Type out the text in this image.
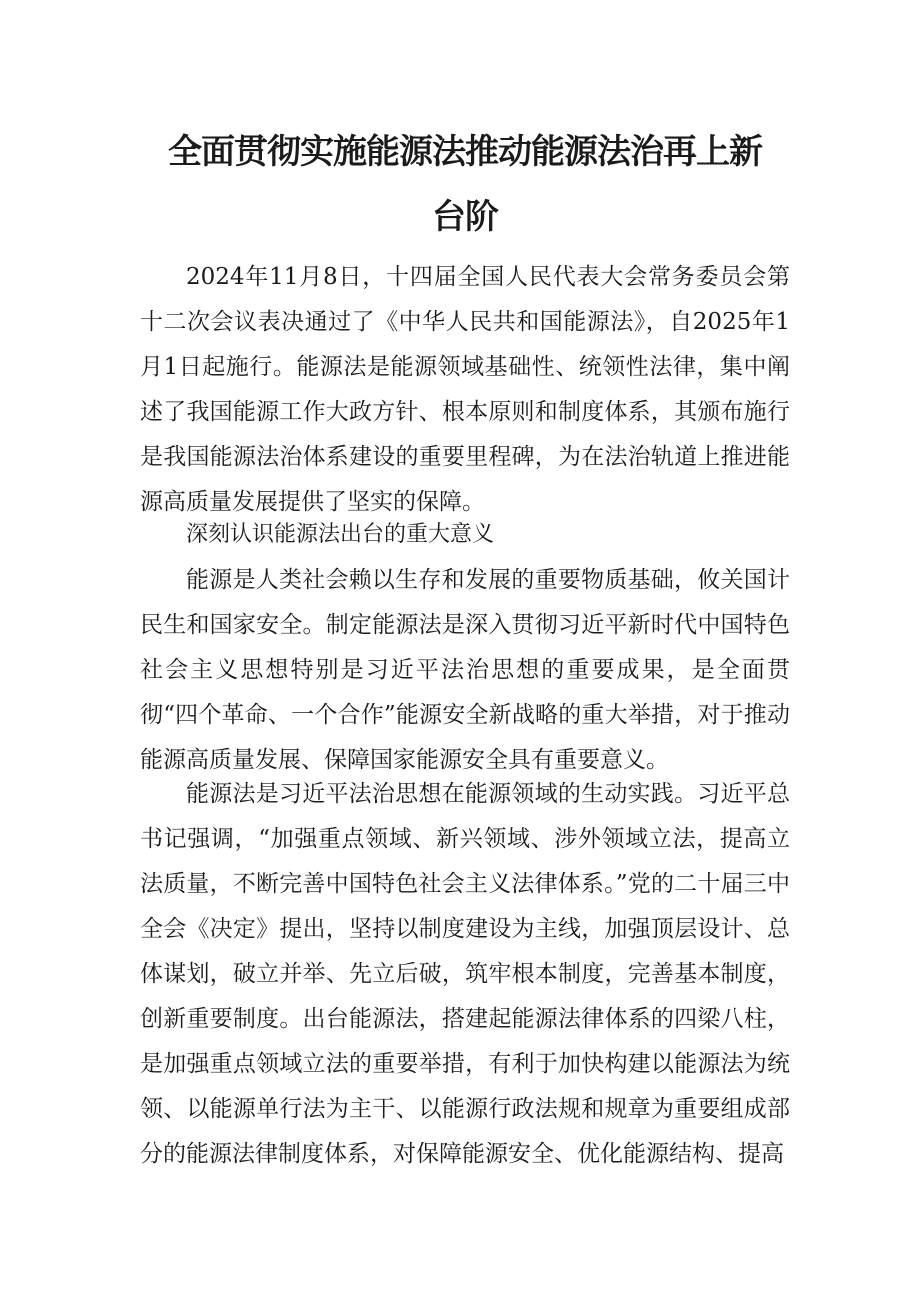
全面贯彻实施能源法推动能源法治再上新
台阶

2024年11月8日，十四届全国人民代表大会常务委员会第十二次会议表决通过了《中华人民共和国能源法》，自2025年1月1日起施行。能源法是能源领域基础性、统领性法律，集中阐述了我国能源工作大政方针、根本原则和制度体系，其颁布施行是我国能源法治体系建设的重要里程碑，为在法治轨道上推进能源高质量发展提供了坚实的保障。

深刻认识能源法出台的重大意义

能源是人类社会赖以生存和发展的重要物质基础，攸关国计民生和国家安全。制定能源法是深入贯彻习近平新时代中国特色社会主义思想特别是习近平法治思想的重要成果，是全面贯彻“四个革命、一个合作”能源安全新战略的重大举措，对于推动能源高质量发展、保障国家能源安全具有重要意义。

能源法是习近平法治思想在能源领域的生动实践。习近平总书记强调，“加强重点领域、新兴领域、涉外领域立法，提高立法质量，不断完善中国特色社会主义法律体系。”党的二十届三中全会《决定》提出，坚持以制度建设为主线，加强顶层设计、总体谋划，破立并举、先立后破，筑牢根本制度，完善基本制度，创新重要制度。出台能源法，搭建起能源法律体系的四梁八柱，是加强重点领域立法的重要举措，有利于加快构建以能源法为统领、以能源单行法为主干、以能源行政法规和规章为重要组成部分的能源法律制度体系，对保障能源安全、优化能源结构、提高
